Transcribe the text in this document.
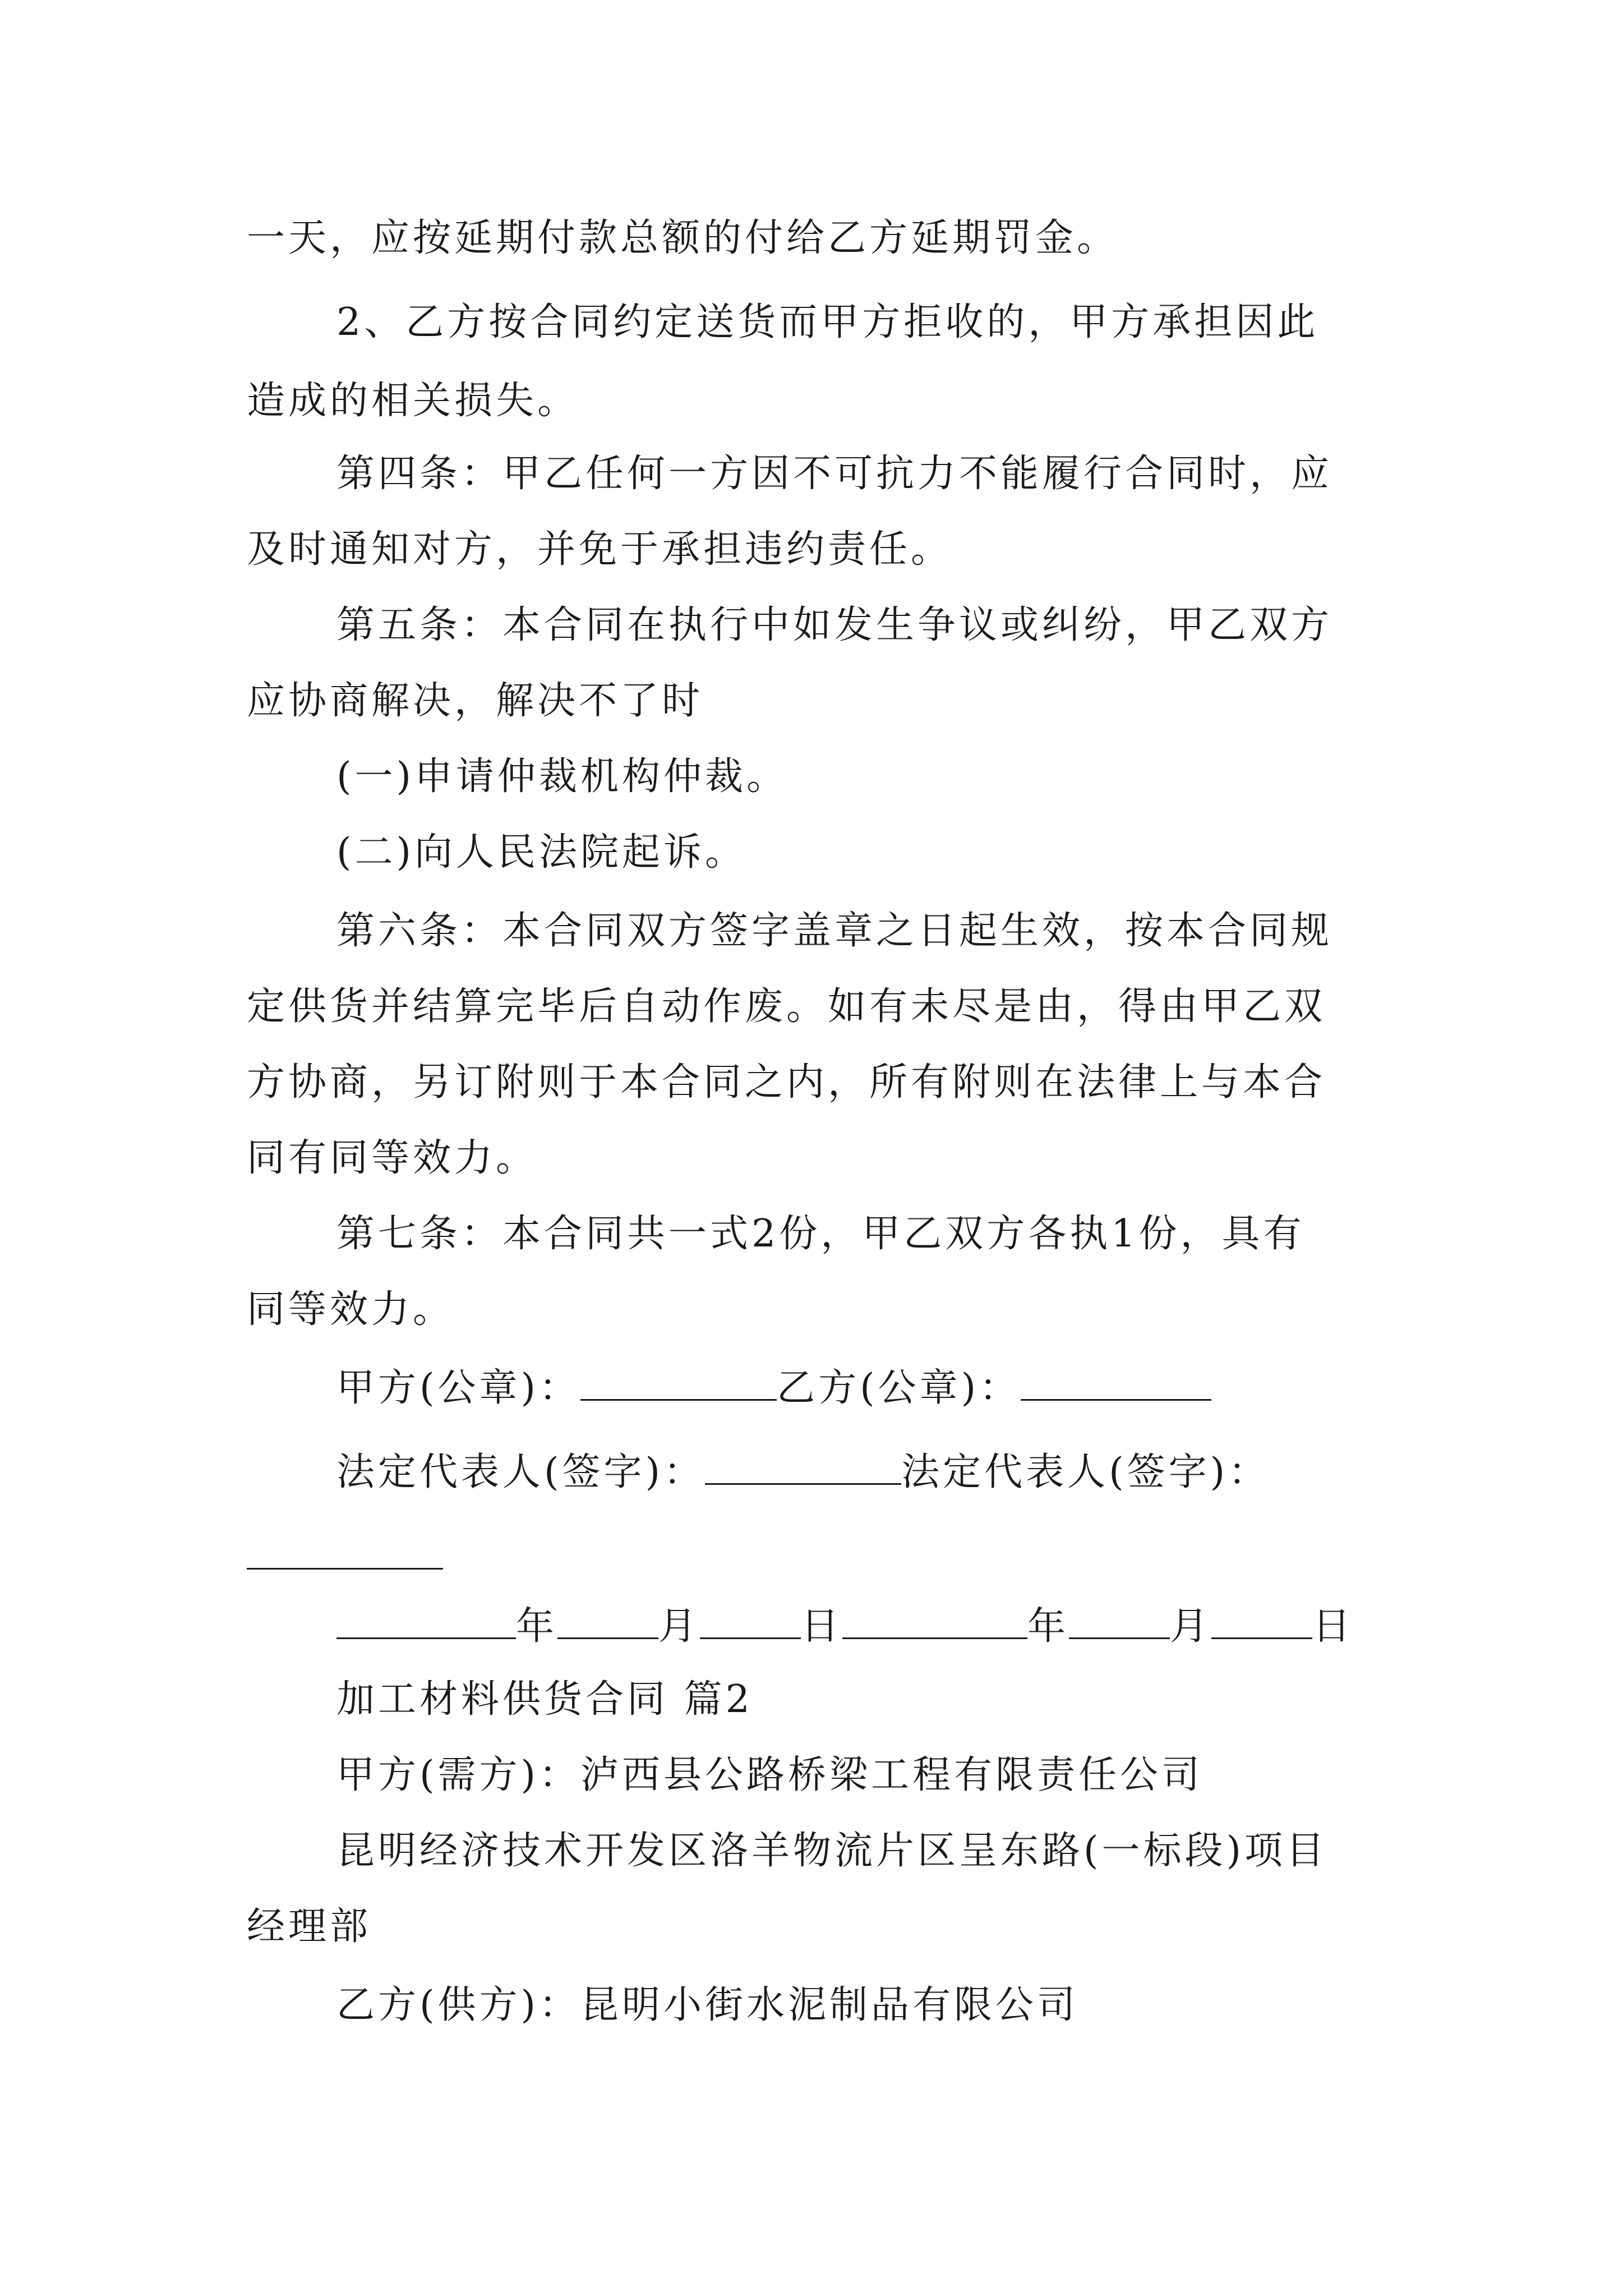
一天，应按延期付款总额的付给乙方延期罚金。
2、乙方按合同约定送货而甲方拒收的，甲方承担因此
造成的相关损失。
第四条：甲乙任何一方因不可抗力不能履行合同时，应
及时通知对方，并免于承担违约责任。
第五条：本合同在执行中如发生争议或纠纷，甲乙双方
应协商解决，解决不了时
(一)申请仲裁机构仲裁。
(二)向人民法院起诉。
第六条：本合同双方签字盖章之日起生效，按本合同规
定供货并结算完毕后自动作废。如有未尽是由，得由甲乙双
方协商，另订附则于本合同之内，所有附则在法律上与本合
同有同等效力。
第七条：本合同共一式2份，甲乙双方各执1份，具有
同等效力。
甲方(公章)：	乙方(公章)：
法定代表人(签字)：	法定代表人(签字)：
年	月	日	年	月	日
加工材料供货合同 篇2
甲方(需方)：泸西县公路桥梁工程有限责任公司
昆明经济技术开发区洛羊物流片区呈东路(一标段)项目
经理部
乙方(供方)：昆明小街水泥制品有限公司
